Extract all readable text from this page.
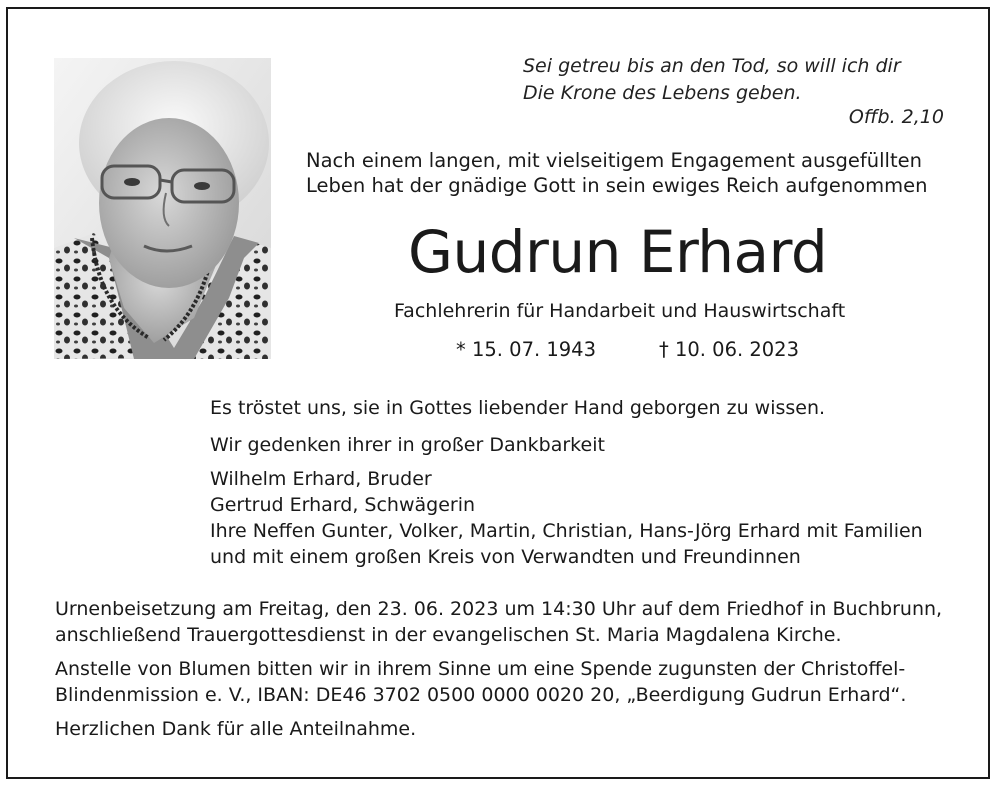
Sei getreu bis an den Tod, so will ich dir
Die Krone des Lebens geben.
Offb. 2,10
Nach einem langen, mit vielseitigem Engagement ausgefüllten
Leben hat der gnädige Gott in sein ewiges Reich aufgenommen
Gudrun Erhard
Fachlehrerin für Handarbeit und Hauswirtschaft
* 15. 07. 1943	† 10. 06. 2023
Es tröstet uns, sie in Gottes liebender Hand geborgen zu wissen.
Wir gedenken ihrer in großer Dankbarkeit
Wilhelm Erhard, Bruder
Gertrud Erhard, Schwägerin
Ihre Neffen Gunter, Volker, Martin, Christian, Hans-Jörg Erhard mit Familien
und mit einem großen Kreis von Verwandten und Freundinnen
Urnenbeisetzung am Freitag, den 23. 06. 2023 um 14:30 Uhr auf dem Friedhof in Buchbrunn,
anschließend Trauergottesdienst in der evangelischen St. Maria Magdalena Kirche.
Anstelle von Blumen bitten wir in ihrem Sinne um eine Spende zugunsten der Christoffel-
Blindenmission e. V., IBAN: DE46 3702 0500 0000 0020 20, „Beerdigung Gudrun Erhard“.
Herzlichen Dank für alle Anteilnahme.
